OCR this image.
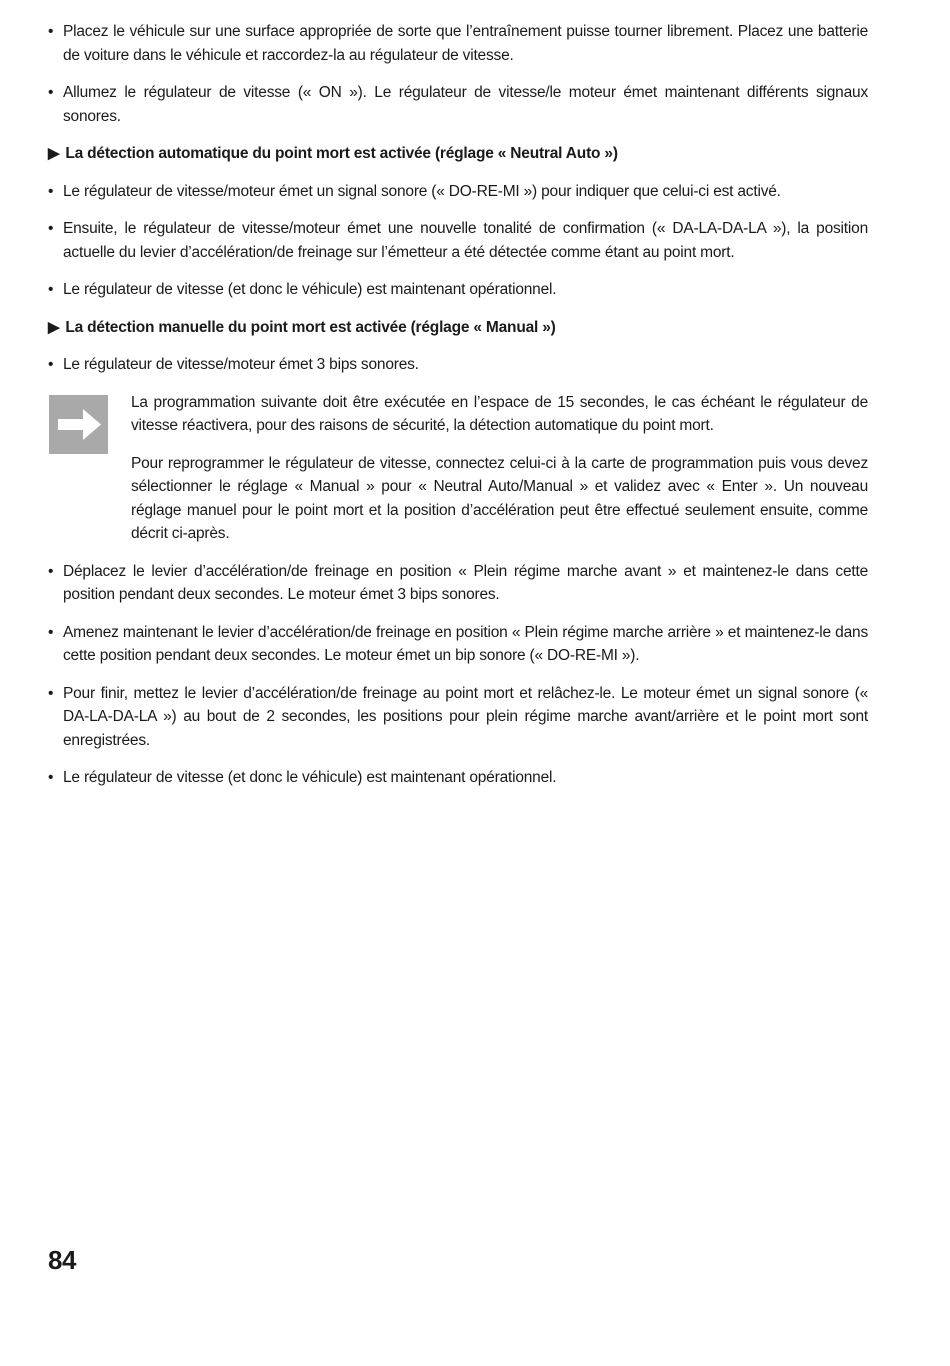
• Placez le véhicule sur une surface appropriée de sorte que l’entraînement puisse tourner librement. Placez une batterie de voiture dans le véhicule et raccordez-la au régulateur de vitesse.
• Allumez le régulateur de vitesse (« ON »). Le régulateur de vitesse/le moteur émet maintenant différents signaux sonores.
▶ La détection automatique du point mort est activée (réglage « Neutral Auto »)
• Le régulateur de vitesse/moteur émet un signal sonore (« DO-RE-MI ») pour indiquer que celui-ci est activé.
• Ensuite, le régulateur de vitesse/moteur émet une nouvelle tonalité de confirmation (« DA-LA-DA-LA »), la position actuelle du levier d’accélération/de freinage sur l’émetteur a été détectée comme étant au point mort.
• Le régulateur de vitesse (et donc le véhicule) est maintenant opérationnel.
▶ La détection manuelle du point mort est activée (réglage « Manual »)
• Le régulateur de vitesse/moteur émet 3 bips sonores.

La programmation suivante doit être exécutée en l’espace de 15 secondes, le cas échéant le régulateur de vitesse réactivera, pour des raisons de sécurité, la détection automatique du point mort.

Pour reprogrammer le régulateur de vitesse, connectez celui-ci à la carte de programmation puis vous devez sélectionner le réglage « Manual » pour « Neutral Auto/Manual » et validez avec « Enter ». Un nouveau réglage manuel pour le point mort et la position d’accélération peut être effectué seulement ensuite, comme décrit ci-après.

• Déplacez le levier d’accélération/de freinage en position « Plein régime marche avant » et maintenez-le dans cette position pendant deux secondes. Le moteur émet 3 bips sonores.
• Amenez maintenant le levier d’accélération/de freinage en position « Plein régime marche arrière » et maintenez-le dans cette position pendant deux secondes. Le moteur émet un bip sonore (« DO-RE-MI »).
• Pour finir, mettez le levier d’accélération/de freinage au point mort et relâchez-le. Le moteur émet un signal sonore (« DA-LA-DA-LA ») au bout de 2 secondes, les positions pour plein régime marche avant/arrière et le point mort sont enregistrées.
• Le régulateur de vitesse (et donc le véhicule) est maintenant opérationnel.
84
